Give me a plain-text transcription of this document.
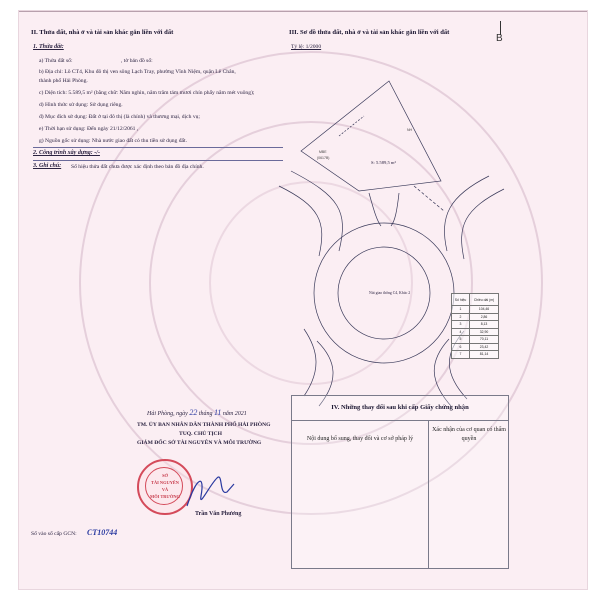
II. Thửa đất, nhà ở và tài sản khác gắn liền với đất
1. Thửa đất:
a) Thửa đất số:	, tờ bản đồ số:
b) Địa chỉ: Lô CT4, Khu đô thị ven sông Lạch Tray, phường Vĩnh Niệm, quận Lê Chân,
thành phố Hải Phòng.
c) Diện tích: 5.589,5 m² (bằng chữ: Năm nghìn, năm trăm tám mươi chín phẩy năm mét vuông);
d) Hình thức sử dụng: Sử dụng riêng.
đ) Mục đích sử dụng: Đất ở tại đô thị (là chính) và thương mại, dịch vụ;
e) Thời hạn sử dụng: Đến ngày 21/12/2061 ,
g) Nguồn gốc sử dụng: Nhà nước giao đất có thu tiền sử dụng đất.
2. Công trình xây dựng: -/-
3. Ghi chú: Số hiệu thửa đất chưa được xác định theo bản đồ địa chính.
III. Sơ đồ thửa đất, nhà ở và tài sản khác gắn liền với đất
Tỷ lệ: 1/2000
B
MBE
(0617B)
NH
S: 5.589,5 m²
Nút giao thông C4, Khúc 2
Số hiệu	Chiều dài (m)
1	104,46
2	2,86
3	8,13
4	32,90
5	70,11
6	23,42
7	81,14
Hải Phòng, ngày 22 tháng 11 năm 2021
TM. ỦY BAN NHÂN DÂN THÀNH PHỐ HẢI PHÒNG
TUQ. CHỦ TỊCH
GIÁM ĐỐC SỞ TÀI NGUYÊN VÀ MÔI TRƯỜNG
SỞ
TÀI NGUYÊN
VÀ
MÔI TRƯỜNG
Trần Văn Phương
IV. Những thay đổi sau khi cấp Giấy chứng nhận
Nội dung bổ sung, thay đổi và cơ sở pháp lý
Xác nhận của cơ quan có thẩm quyền
Số vào sổ cấp GCN: CT10744
